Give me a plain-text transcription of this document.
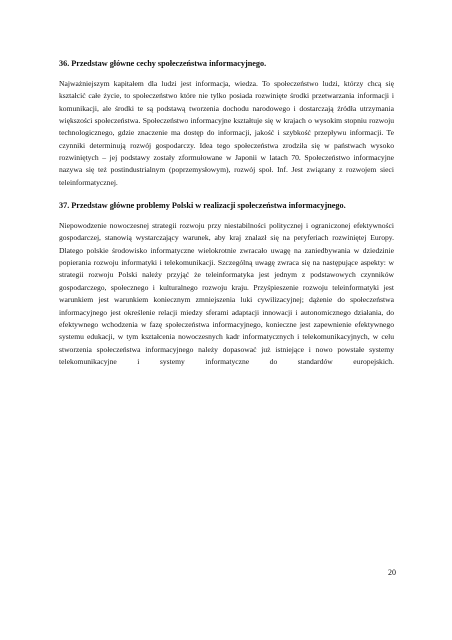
36. Przedstaw główne cechy społeczeństwa informacyjnego.
Najważniejszym kapitałem dla ludzi jest informacja, wiedza. To społeczeństwo ludzi, którzy chcą się
kształcić całe życie, to społeczeństwo które nie tylko posiada rozwinięte środki przetwarzania informacji i
komunikacji, ale środki te są podstawą tworzenia dochodu narodowego i dostarczają źródła utrzymania
większości społeczeństwa. Społeczeństwo informacyjne kształtuje się w krajach o wysokim stopniu rozwoju
technologicznego, gdzie znaczenie ma dostęp do informacji, jakość i szybkość przepływu informacji. Te
czynniki determinują rozwój gospodarczy. Idea tego społeczeństwa zrodziła się w państwach wysoko
rozwiniętych – jej podstawy zostały zformułowane w Japonii w latach 70. Społeczeństwo informacyjne
nazywa się też postindustrialnym (poprzemysłowym), rozwój społ. Inf. Jest związany z rozwojem sieci
teleinformatycznej.
37. Przedstaw główne problemy Polski w realizacji społeczeństwa informacyjnego.
Niepowodzenie nowoczesnej strategii rozwoju przy niestabilności politycznej i ograniczonej efektywności
gospodarczej, stanowią wystarczający warunek, aby kraj znalazł się na peryferiach rozwiniętej Europy.
Dlatego polskie środowisko informatyczne wielokrotnie zwracało uwagę na zaniedbywania w dziedzinie
popierania rozwoju informatyki i telekomunikacji. Szczególną uwagę zwraca się na następujące aspekty: w
strategii rozwoju Polski należy przyjąć że teleinformatyka jest jednym z podstawowych czynników
gospodarczego, społecznego i kulturalnego rozwoju kraju. Przyśpieszenie rozwoju teleinformatyki jest
warunkiem jest warunkiem koniecznym zmniejszenia luki cywilizacyjnej; dążenie do społeczeństwa
informacyjnego jest określenie relacji miedzy sferami adaptacji innowacji i autonomicznego działania, do
efektywnego wchodzenia w fazę społeczeństwa informacyjnego, konieczne jest zapewnienie efektywnego
systemu edukacji, w tym kształcenia nowoczesnych kadr informatycznych i telekomunikacyjnych, w celu
stworzenia społeczeństwa informacyjnego należy dopasować już istniejące i nowo powstałe systemy
telekomunikacyjne i systemy informatyczne do standardów europejskich.
20
